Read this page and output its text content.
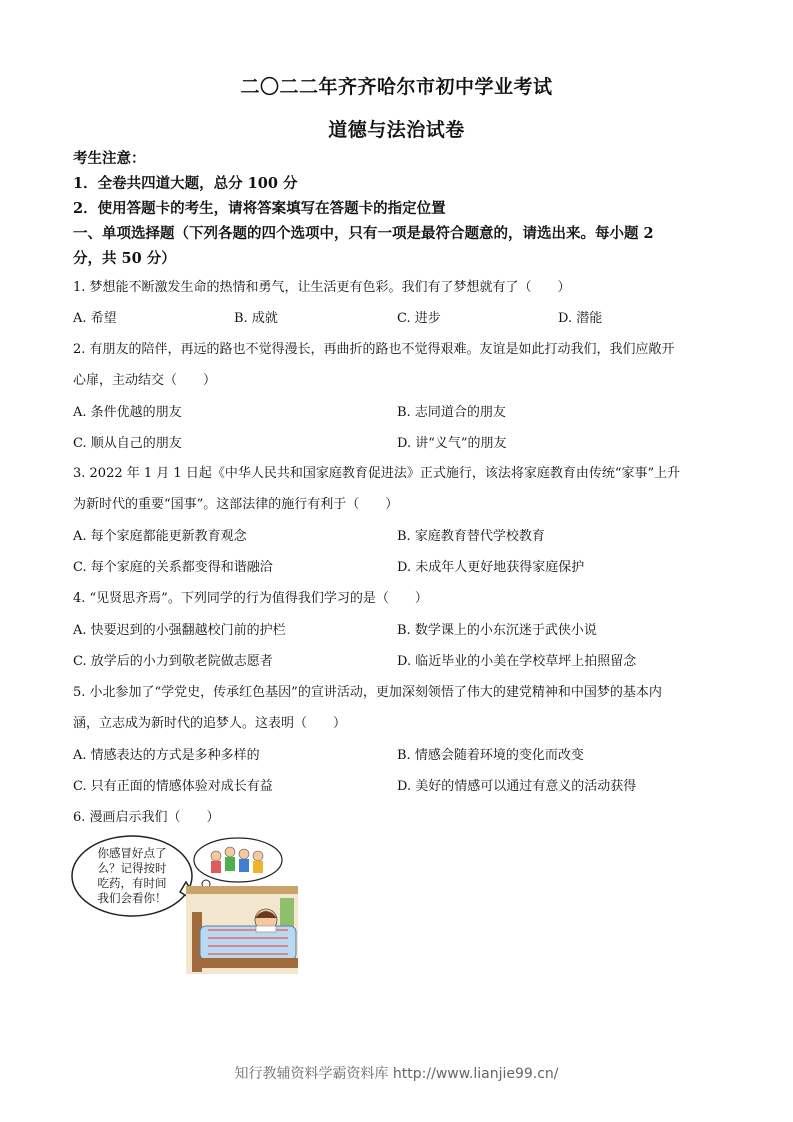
二〇二二年齐齐哈尔市初中学业考试
道德与法治试卷
考生注意：
1．全卷共四道大题，总分 100 分
2．使用答题卡的考生，请将答案填写在答题卡的指定位置
一、单项选择题（下列各题的四个选项中，只有一项是最符合题意的，请选出来。每小题 2
分，共 50 分）
1. 梦想能不断激发生命的热情和勇气，让生活更有色彩。我们有了梦想就有了（　　）
A. 希望	B. 成就	C. 进步	D. 潜能
2. 有朋友的陪伴，再远的路也不觉得漫长，再曲折的路也不觉得艰难。友谊是如此打动我们，我们应敞开
心扉，主动结交（　　）
A. 条件优越的朋友	B. 志同道合的朋友
C. 顺从自己的朋友	D. 讲“义气”的朋友
3. 2022 年 1 月 1 日起《中华人民共和国家庭教育促进法》正式施行，该法将家庭教育由传统“家事”上升
为新时代的重要“国事”。这部法律的施行有利于（　　）
A. 每个家庭都能更新教育观念	B. 家庭教育替代学校教育
C. 每个家庭的关系都变得和谐融洽	D. 未成年人更好地获得家庭保护
4. “见贤思齐焉”。下列同学的行为值得我们学习的是（　　）
A. 快要迟到的小强翻越校门前的护栏	B. 数学课上的小东沉迷于武侠小说
C. 放学后的小力到敬老院做志愿者	D. 临近毕业的小美在学校草坪上拍照留念
5. 小北参加了“学党史，传承红色基因”的宣讲活动，更加深刻领悟了伟大的建党精神和中国梦的基本内
涵，立志成为新时代的追梦人。这表明（　　）
A. 情感表达的方式是多种多样的	B. 情感会随着环境的变化而改变
C. 只有正面的情感体验对成长有益	D. 美好的情感可以通过有意义的活动获得
6. 漫画启示我们（　　）
你感冒好点了
么？记得按时
吃药，有时间
我们会看你！
知行教辅资料学霸资料库 http://www.lianjie99.cn/
